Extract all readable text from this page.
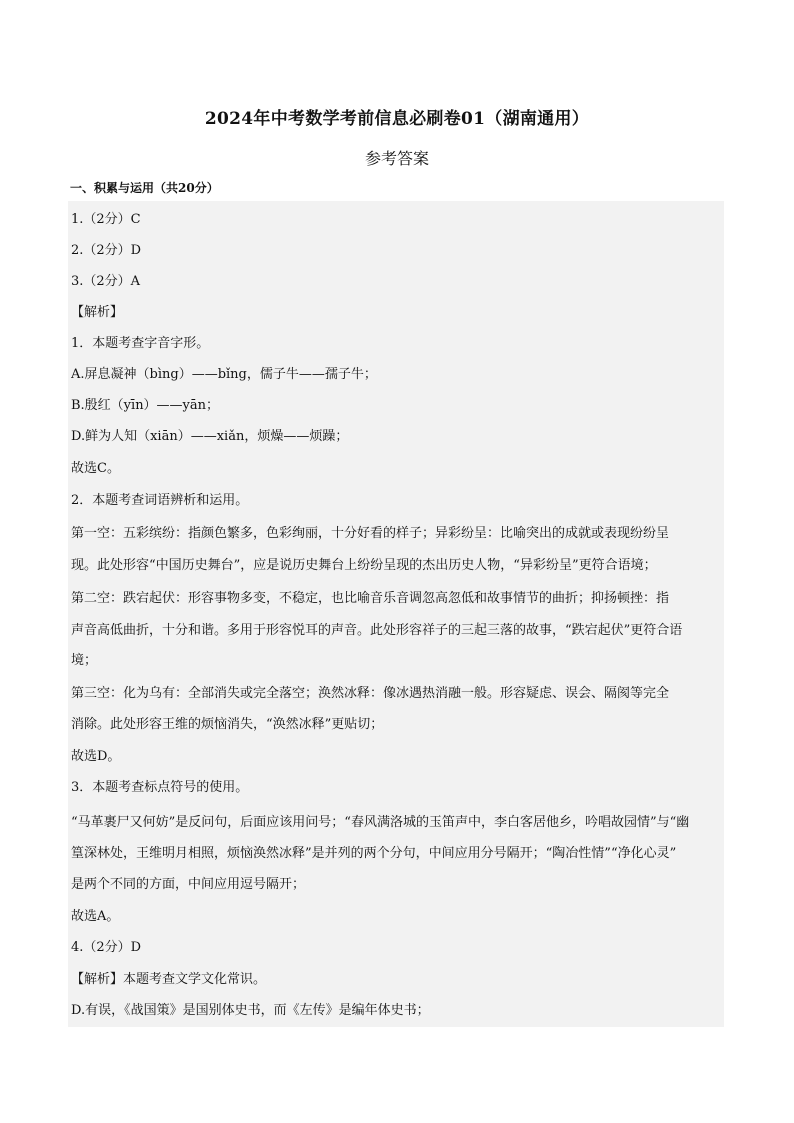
2024年中考数学考前信息必刷卷01（湖南通用）
参考答案
一、积累与运用（共20分）
1.（2分）C
2.（2分）D
3.（2分）A
【解析】
1．本题考查字音字形。
A.屏息凝神（bìng）——bǐng，儒子牛——孺子牛；
B.殷红（yīn）——yān；
D.鲜为人知（xiān）——xiǎn，烦燥——烦躁；
故选C。
2．本题考查词语辨析和运用。
第一空：五彩缤纷：指颜色繁多，色彩绚丽，十分好看的样子；异彩纷呈：比喻突出的成就或表现纷纷呈
现。此处形容“中国历史舞台”，应是说历史舞台上纷纷呈现的杰出历史人物，“异彩纷呈”更符合语境；
第二空：跌宕起伏：形容事物多变，不稳定，也比喻音乐音调忽高忽低和故事情节的曲折；抑扬顿挫：指
声音高低曲折，十分和谐。多用于形容悦耳的声音。此处形容祥子的三起三落的故事，“跌宕起伏”更符合语
境；
第三空：化为乌有：全部消失或完全落空；涣然冰释：像冰遇热消融一般。形容疑虑、误会、隔阂等完全
消除。此处形容王维的烦恼消失，“涣然冰释”更贴切；
故选D。
3．本题考查标点符号的使用。
“马革裹尸又何妨”是反问句，后面应该用问号；“春风满洛城的玉笛声中，李白客居他乡，吟唱故园情”与“幽
篁深林处，王维明月相照，烦恼涣然冰释”是并列的两个分句，中间应用分号隔开；“陶冶性情”“净化心灵”
是两个不同的方面，中间应用逗号隔开；
故选A。
4.（2分）D
【解析】本题考查文学文化常识。
D.有误，《战国策》是国别体史书，而《左传》是编年体史书；
